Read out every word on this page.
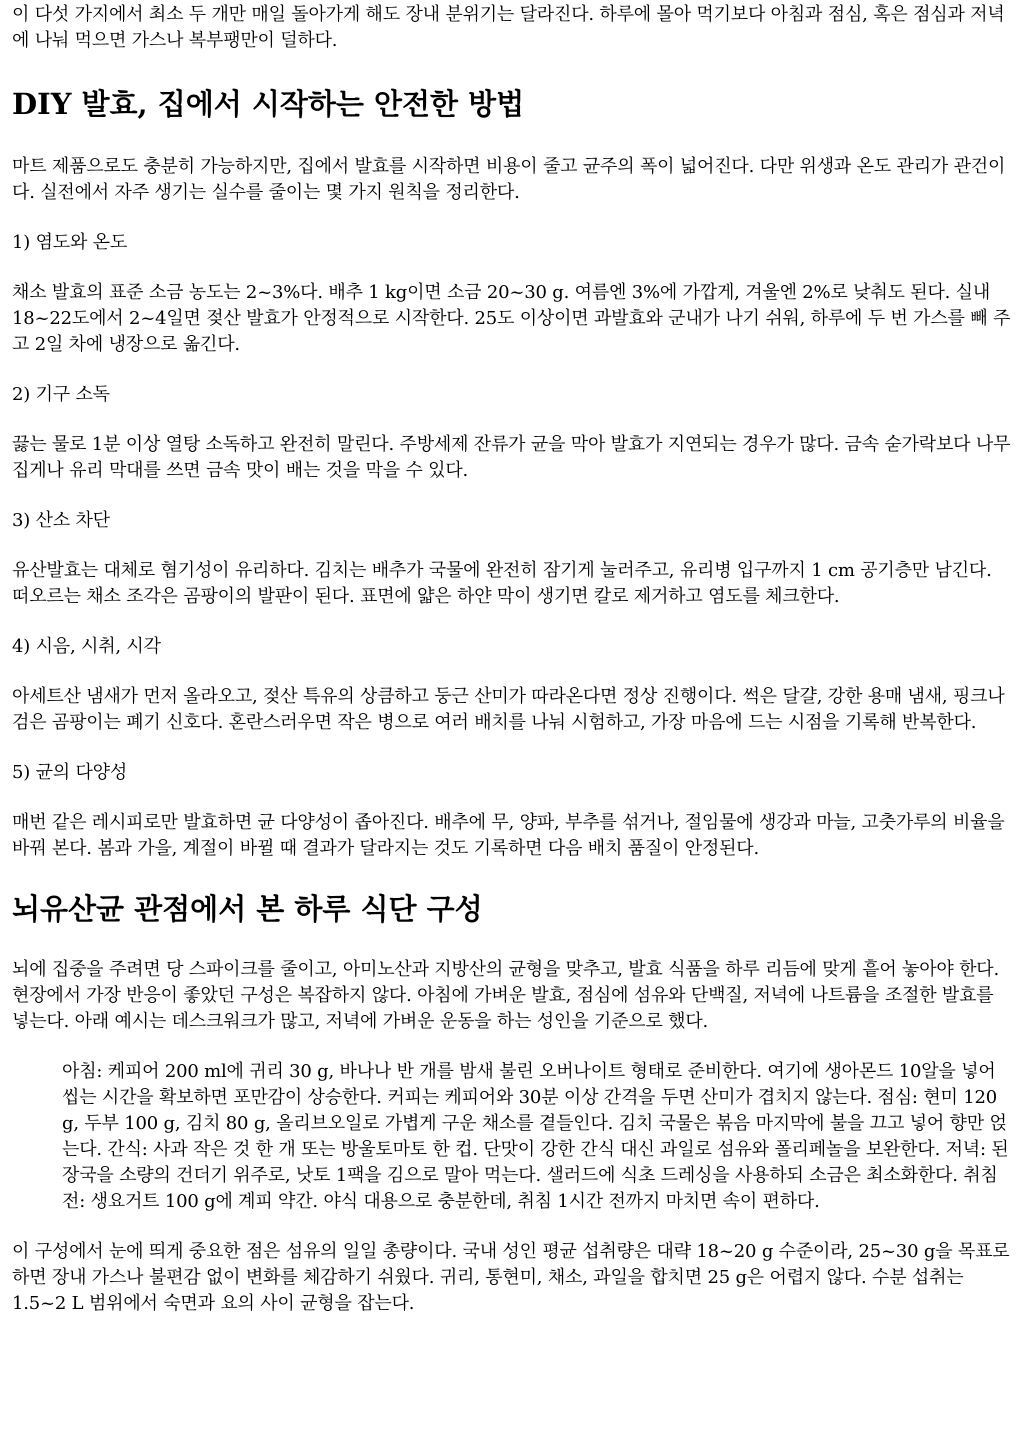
이 다섯 가지에서 최소 두 개만 매일 돌아가게 해도 장내 분위기는 달라진다. 하루에 몰아 먹기보다 아침과 점심, 혹은 점심과 저녁에 나눠 먹으면 가스나 복부팽만이 덜하다.

DIY 발효, 집에서 시작하는 안전한 방법

마트 제품으로도 충분히 가능하지만, 집에서 발효를 시작하면 비용이 줄고 균주의 폭이 넓어진다. 다만 위생과 온도 관리가 관건이다. 실전에서 자주 생기는 실수를 줄이는 몇 가지 원칙을 정리한다.

1) 염도와 온도

채소 발효의 표준 소금 농도는 2~3%다. 배추 1 kg이면 소금 20~30 g. 여름엔 3%에 가깝게, 겨울엔 2%로 낮춰도 된다. 실내 18~22도에서 2~4일면 젖산 발효가 안정적으로 시작한다. 25도 이상이면 과발효와 군내가 나기 쉬워, 하루에 두 번 가스를 빼 주고 2일 차에 냉장으로 옮긴다.

2) 기구 소독

끓는 물로 1분 이상 열탕 소독하고 완전히 말린다. 주방세제 잔류가 균을 막아 발효가 지연되는 경우가 많다. 금속 숟가락보다 나무 집게나 유리 막대를 쓰면 금속 맛이 배는 것을 막을 수 있다.

3) 산소 차단

유산발효는 대체로 혐기성이 유리하다. 김치는 배추가 국물에 완전히 잠기게 눌러주고, 유리병 입구까지 1 cm 공기층만 남긴다. 떠오르는 채소 조각은 곰팡이의 발판이 된다. 표면에 얇은 하얀 막이 생기면 칼로 제거하고 염도를 체크한다.

4) 시음, 시취, 시각

아세트산 냄새가 먼저 올라오고, 젖산 특유의 상큼하고 둥근 산미가 따라온다면 정상 진행이다. 썩은 달걀, 강한 용매 냄새, 핑크나 검은 곰팡이는 폐기 신호다. 혼란스러우면 작은 병으로 여러 배치를 나눠 시험하고, 가장 마음에 드는 시점을 기록해 반복한다.

5) 균의 다양성

매번 같은 레시피로만 발효하면 균 다양성이 좁아진다. 배추에 무, 양파, 부추를 섞거나, 절임물에 생강과 마늘, 고춧가루의 비율을 바꿔 본다. 봄과 가을, 계절이 바뀔 때 결과가 달라지는 것도 기록하면 다음 배치 품질이 안정된다.

뇌유산균 관점에서 본 하루 식단 구성

뇌에 집중을 주려면 당 스파이크를 줄이고, 아미노산과 지방산의 균형을 맞추고, 발효 식품을 하루 리듬에 맞게 흩어 놓아야 한다. 현장에서 가장 반응이 좋았던 구성은 복잡하지 않다. 아침에 가벼운 발효, 점심에 섬유와 단백질, 저녁에 나트륨을 조절한 발효를 넣는다. 아래 예시는 데스크워크가 많고, 저녁에 가벼운 운동을 하는 성인을 기준으로 했다.

아침: 케피어 200 ml에 귀리 30 g, 바나나 반 개를 밤새 불린 오버나이트 형태로 준비한다. 여기에 생아몬드 10알을 넣어 씹는 시간을 확보하면 포만감이 상승한다. 커피는 케피어와 30분 이상 간격을 두면 산미가 겹치지 않는다. 점심: 현미 120 g, 두부 100 g, 김치 80 g, 올리브오일로 가볍게 구운 채소를 곁들인다. 김치 국물은 볶음 마지막에 불을 끄고 넣어 향만 얹는다. 간식: 사과 작은 것 한 개 또는 방울토마토 한 컵. 단맛이 강한 간식 대신 과일로 섬유와 폴리페놀을 보완한다. 저녁: 된장국을 소량의 건더기 위주로, 낫토 1팩을 김으로 말아 먹는다. 샐러드에 식초 드레싱을 사용하되 소금은 최소화한다. 취침 전: 생요거트 100 g에 계피 약간. 야식 대용으로 충분한데, 취침 1시간 전까지 마치면 속이 편하다.

이 구성에서 눈에 띄게 중요한 점은 섬유의 일일 총량이다. 국내 성인 평균 섭취량은 대략 18~20 g 수준이라, 25~30 g을 목표로 하면 장내 가스나 불편감 없이 변화를 체감하기 쉬웠다. 귀리, 통현미, 채소, 과일을 합치면 25 g은 어렵지 않다. 수분 섭취는 1.5~2 L 범위에서 숙면과 요의 사이 균형을 잡는다.
